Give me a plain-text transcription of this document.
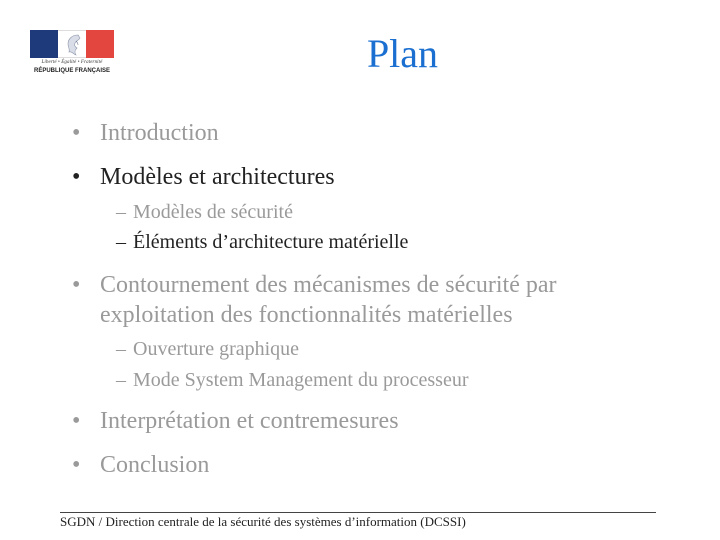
Liberté • Égalité • Fraternité
RÉPUBLIQUE FRANÇAISE	Plan
• Introduction
• Modèles et architectures
– Modèles de sécurité
– Éléments d’architecture matérielle
• Contournement des mécanismes de sécurité par exploitation des fonctionnalités matérielles
– Ouverture graphique
– Mode System Management du processeur
• Interprétation et contremesures
• Conclusion
SGDN / Direction centrale de la sécurité des systèmes d’information (DCSSI)
